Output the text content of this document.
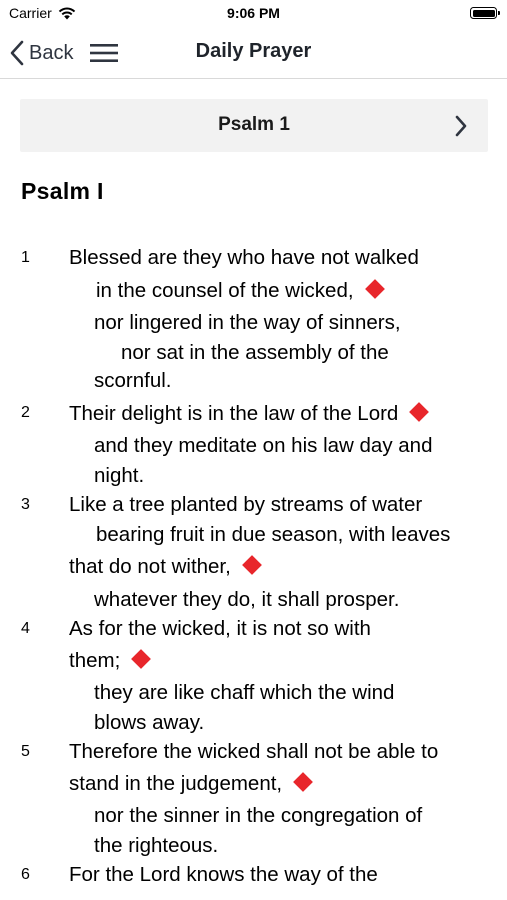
Carrier	9:06 PM
Back	Daily Prayer
Psalm 1
Psalm I
1 Blessed are they who have not walked
in the counsel of the wicked,
nor lingered in the way of sinners,
nor sat in the assembly of the
scornful.
2 Their delight is in the law of the Lord
and they meditate on his law day and
night.
3 Like a tree planted by streams of water
bearing fruit in due season, with leaves
that do not wither,
whatever they do, it shall prosper.
4 As for the wicked, it is not so with
them;
they are like chaff which the wind
blows away.
5 Therefore the wicked shall not be able to
stand in the judgement,
nor the sinner in the congregation of
the righteous.
6 For the Lord knows the way of the
